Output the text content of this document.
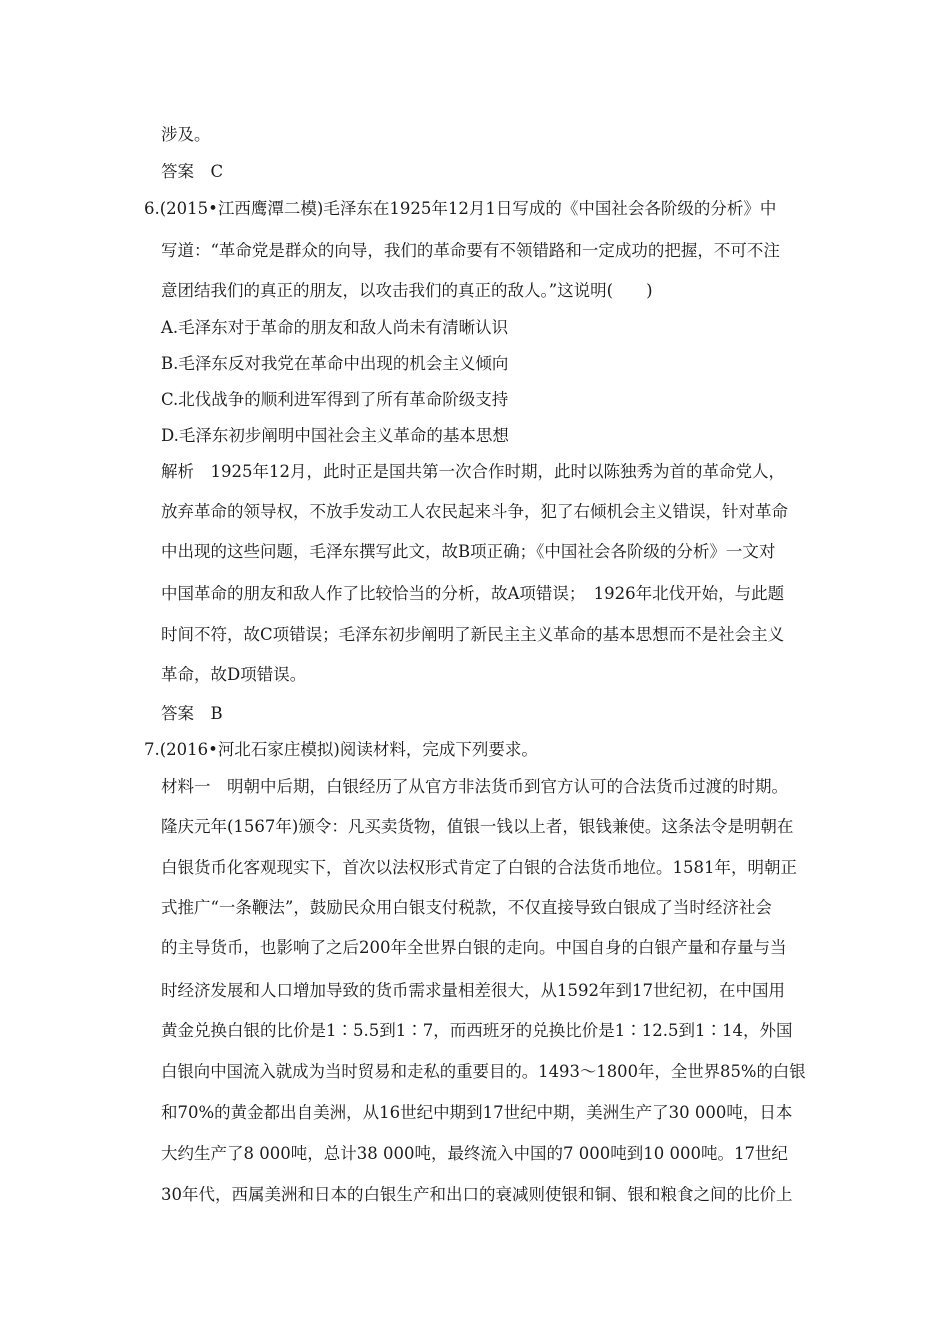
涉及。
答案　C
6.(2015•江西鹰潭二模)毛泽东在1925年12月1日写成的《中国社会各阶级的分析》中
写道：“革命党是群众的向导，我们的革命要有不领错路和一定成功的把握，不可不注
意团结我们的真正的朋友，以攻击我们的真正的敌人。”这说明(　　)
A.毛泽东对于革命的朋友和敌人尚未有清晰认识
B.毛泽东反对我党在革命中出现的机会主义倾向
C.北伐战争的顺利进军得到了所有革命阶级支持
D.毛泽东初步阐明中国社会主义革命的基本思想
解析　1925年12月，此时正是国共第一次合作时期，此时以陈独秀为首的革命党人，
放弃革命的领导权，不放手发动工人农民起来斗争，犯了右倾机会主义错误，针对革命
中出现的这些问题，毛泽东撰写此文，故B项正确；《中国社会各阶级的分析》一文对
中国革命的朋友和敌人作了比较恰当的分析，故A项错误；　1926年北伐开始，与此题
时间不符，故C项错误；毛泽东初步阐明了新民主主义革命的基本思想而不是社会主义
革命，故D项错误。
答案　B
7.(2016•河北石家庄模拟)阅读材料，完成下列要求。
材料一　明朝中后期，白银经历了从官方非法货币到官方认可的合法货币过渡的时期。
隆庆元年(1567年)颁令：凡买卖货物，值银一钱以上者，银钱兼使。这条法令是明朝在
白银货币化客观现实下，首次以法权形式肯定了白银的合法货币地位。1581年，明朝正
式推广“一条鞭法”，鼓励民众用白银支付税款，不仅直接导致白银成了当时经济社会
的主导货币，也影响了之后200年全世界白银的走向。中国自身的白银产量和存量与当
时经济发展和人口增加导致的货币需求量相差很大，从1592年到17世纪初，在中国用
黄金兑换白银的比价是1∶5.5到1∶7，而西班牙的兑换比价是1∶12.5到1∶14，外国
白银向中国流入就成为当时贸易和走私的重要目的。1493～1800年，全世界85%的白银
和70%的黄金都出自美洲，从16世纪中期到17世纪中期，美洲生产了30 000吨，日本
大约生产了8 000吨，总计38 000吨，最终流入中国的7 000吨到10 000吨。17世纪
30年代，西属美洲和日本的白银生产和出口的衰减则使银和铜、银和粮食之间的比价上
